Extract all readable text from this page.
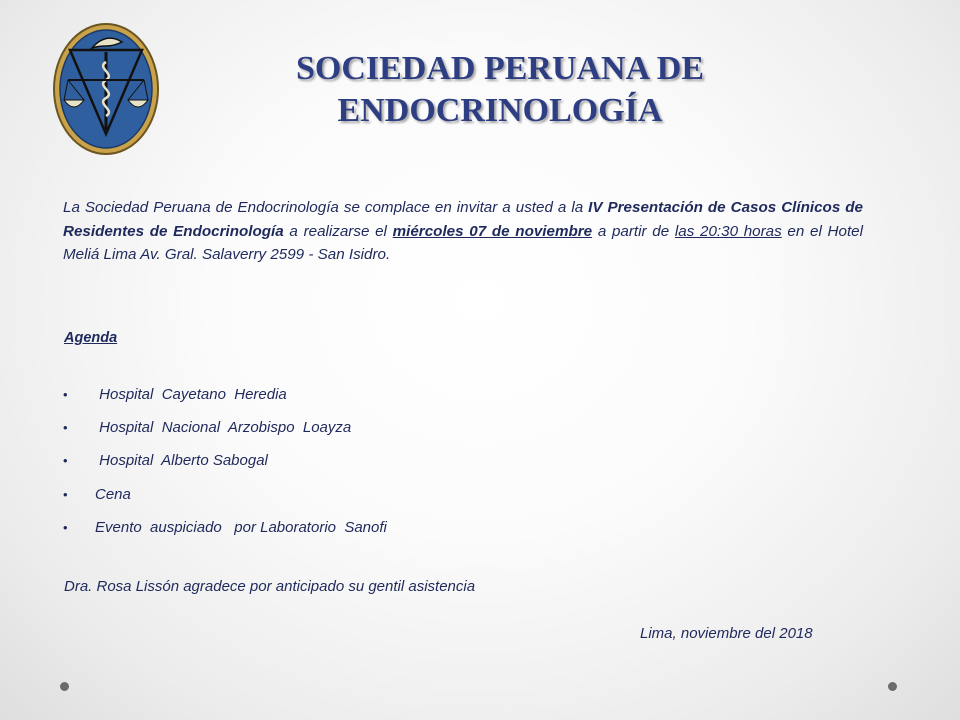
SOCIEDAD PERUANA DE
ENDOCRINOLOGÍA

La Sociedad Peruana de Endocrinología se complace en invitar a usted a la IV Presentación de Casos Clínicos de Residentes de Endocrinología a realizarse el miércoles 07 de noviembre a partir de las 20:30 horas en el Hotel Meliá Lima Av. Gral. Salaverry 2599 - San Isidro.

Agenda

•	Hospital  Cayetano  Heredia
•	Hospital  Nacional  Arzobispo  Loayza
•	Hospital  Alberto Sabogal
•	Cena
•	Evento  auspiciado   por Laboratorio  Sanofi

Dra. Rosa Lissón agradece por anticipado su gentil asistencia

Lima, noviembre del 2018
